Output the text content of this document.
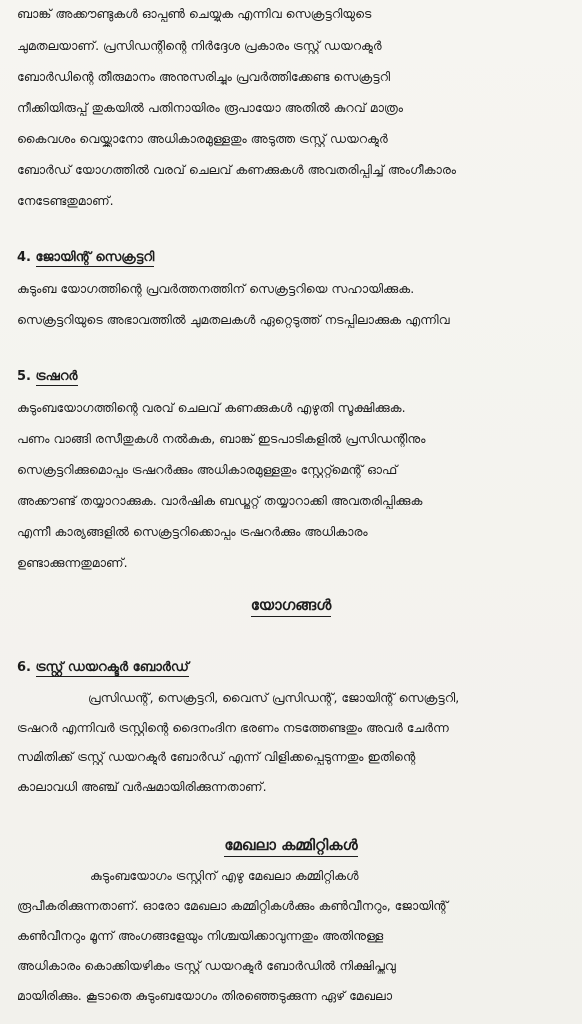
ബാങ്ക് അക്കൗണ്ടുകൾ ഓപ്പൺ ചെയ്യുക എന്നിവ സെക്രട്ടറിയുടെ
ചുമതലയാണ്. പ്രസിഡന്റിന്റെ നിർദ്ദേശ പ്രകാരം ട്രസ്റ്റ് ഡയറക്ടർ
ബോർഡിന്റെ തീരുമാനം അനുസരിച്ചും പ്രവർത്തിക്കേണ്ട സെക്രട്ടറി
നീക്കിയിരുപ്പ് തുകയിൽ പതിനായിരം രൂപായോ അതിൽ കുറവ് മാത്രം
കൈവശം വെയ്ക്കാനോ അധികാരമുള്ളതും അടുത്ത ട്രസ്റ്റ് ഡയറക്ടർ
ബോർഡ് യോഗത്തിൽ വരവ് ചെലവ് കണക്കുകൾ അവതരിപ്പിച്ച് അംഗീകാരം
നേടേണ്ടതുമാണ്.
4. ജോയിന്റ് സെക്രട്ടറി
കുടുംബ യോഗത്തിന്റെ പ്രവർത്തനത്തിന് സെക്രട്ടറിയെ സഹായിക്കുക.
സെക്രട്ടറിയുടെ അഭാവത്തിൽ ചുമതലകൾ ഏറ്റെടുത്ത് നടപ്പിലാക്കുക എന്നിവ
5. ട്രഷറർ
കുടുംബയോഗത്തിന്റെ വരവ് ചെലവ് കണക്കുകൾ എഴുതി സൂക്ഷിക്കുക.
പണം വാങ്ങി രസീതുകൾ നൽകുക, ബാങ്ക് ഇടപാടികളിൽ പ്രസിഡന്റിനും
സെക്രട്ടറിക്കുമൊപ്പം ട്രഷറർക്കും അധികാരമുള്ളതും സ്റ്റേറ്റ്മെന്റ് ഓഫ്
അക്കൗണ്ട് തയ്യാറാക്കുക. വാർഷിക ബഡ്ജറ്റ് തയ്യാറാക്കി അവതരിപ്പിക്കുക
എന്നീ കാര്യങ്ങളിൽ സെക്രട്ടറിക്കൊപ്പം ട്രഷറർക്കും അധികാരം
ഉണ്ടാക്കുന്നതുമാണ്.
യോഗങ്ങൾ
6. ട്രസ്റ്റ് ഡയറക്ടർ ബോർഡ്
പ്രസിഡന്റ്, സെക്രട്ടറി, വൈസ് പ്രസിഡന്റ്, ജോയിന്റ് സെക്രട്ടറി,
ട്രഷറർ എന്നിവർ ട്രസ്റ്റിന്റെ ദൈനംദിന ഭരണം നടത്തേണ്ടതും അവർ ചേർന്ന
സമിതിക്ക് ട്രസ്റ്റ് ഡയറക്ടർ ബോർഡ് എന്ന് വിളിക്കപ്പെടുന്നതും ഇതിന്റെ
കാലാവധി അഞ്ച് വർഷമായിരിക്കുന്നതാണ്.
മേഖലാ കമ്മിറ്റികൾ
കുടുംബയോഗം ട്രസ്റ്റിന് എഴു മേഖലാ കമ്മിറ്റികൾ
രൂപീകരിക്കുന്നതാണ്. ഓരോ മേഖലാ കമ്മിറ്റികൾക്കും കൺവീനറും, ജോയിന്റ്
കൺവീനറും മൂന്ന് അംഗങ്ങളേയും നിശ്ചയിക്കാവുന്നതും അതിനുള്ള
അധികാരം കൊക്കിയഴികം ട്രസ്റ്റ് ഡയറക്ടർ ബോർഡിൽ നിക്ഷിപ്തവു
മായിരിക്കും. കൂടാതെ കുടുംബയോഗം തിരഞ്ഞെടുക്കുന്ന ഏഴ് മേഖലാ
